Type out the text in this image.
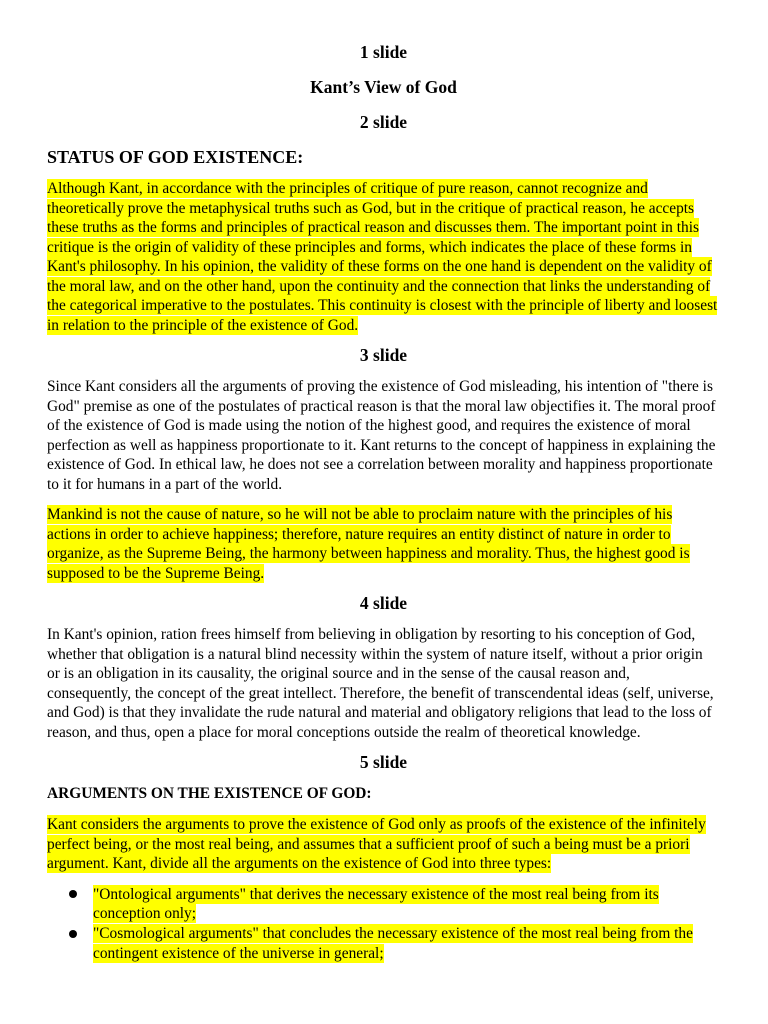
1 slide
Kant’s View of God
2 slide
STATUS OF GOD EXISTENCE:
Although Kant, in accordance with the principles of critique of pure reason, cannot recognize and
theoretically prove the metaphysical truths such as God, but in the critique of practical reason, he accepts
these truths as the forms and principles of practical reason and discusses them. The important point in this
critique is the origin of validity of these principles and forms, which indicates the place of these forms in
Kant's philosophy. In his opinion, the validity of these forms on the one hand is dependent on the validity of
the moral law, and on the other hand, upon the continuity and the connection that links the understanding of
the categorical imperative to the postulates. This continuity is closest with the principle of liberty and loosest
in relation to the principle of the existence of God.
3 slide
Since Kant considers all the arguments of proving the existence of God misleading, his intention of "there is
God" premise as one of the postulates of practical reason is that the moral law objectifies it. The moral proof
of the existence of God is made using the notion of the highest good, and requires the existence of moral
perfection as well as happiness proportionate to it. Kant returns to the concept of happiness in explaining the
existence of God. In ethical law, he does not see a correlation between morality and happiness proportionate
to it for humans in a part of the world.
Mankind is not the cause of nature, so he will not be able to proclaim nature with the principles of his
actions in order to achieve happiness; therefore, nature requires an entity distinct of nature in order to
organize, as the Supreme Being, the harmony between happiness and morality. Thus, the highest good is
supposed to be the Supreme Being.
4 slide
In Kant's opinion, ration frees himself from believing in obligation by resorting to his conception of God,
whether that obligation is a natural blind necessity within the system of nature itself, without a prior origin
or is an obligation in its causality, the original source and in the sense of the causal reason and,
consequently, the concept of the great intellect. Therefore, the benefit of transcendental ideas (self, universe,
and God) is that they invalidate the rude natural and material and obligatory religions that lead to the loss of
reason, and thus, open a place for moral conceptions outside the realm of theoretical knowledge.
5 slide
ARGUMENTS ON THE EXISTENCE OF GOD:
Kant considers the arguments to prove the existence of God only as proofs of the existence of the infinitely
perfect being, or the most real being, and assumes that a sufficient proof of such a being must be a priori
argument. Kant, divide all the arguments on the existence of God into three types:
"Ontological arguments" that derives the necessary existence of the most real being from its
conception only;
"Cosmological arguments" that concludes the necessary existence of the most real being from the
contingent existence of the universe in general;
